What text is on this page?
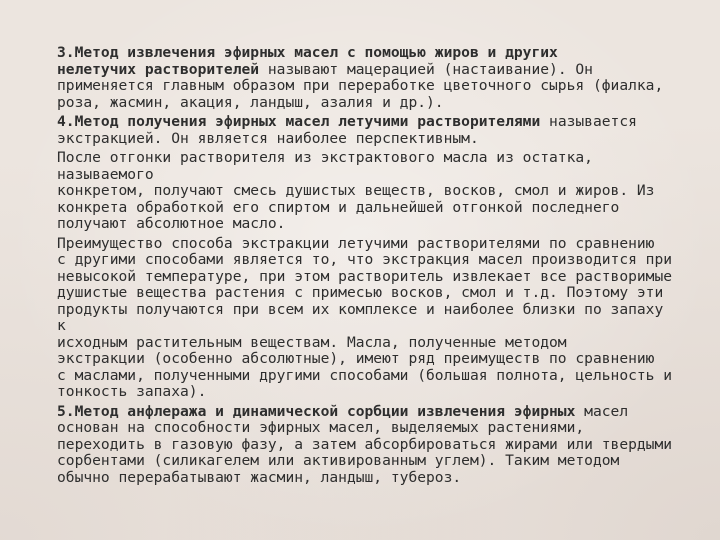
3.Метод извлечения эфирных масел с помощью жиров и других
нелетучих растворителей называют мацерацией (настаивание). Он
применяется главным образом при переработке цветочного сырья (фиалка,
роза, жасмин, акация, ландыш, азалия и др.).

4.Метод получения эфирных масел летучими растворителями называется
экстракцией. Он является наиболее перспективным.

После отгонки растворителя из экстрактового масла из остатка, называемого
конкретом, получают смесь душистых веществ, восков, смол и жиров. Из
конкрета обработкой его спиртом и дальнейшей отгонкой последнего
получают абсолютное масло.

Преимущество способа экстракции летучими растворителями по сравнению
с другими способами является то, что экстракция масел производится при
невысокой температуре, при этом растворитель извлекает все растворимые
душистые вещества растения с примесью восков, смол и т.д. Поэтому эти
продукты получаются при всем их комплексе и наиболее близки по запаху к
исходным растительным веществам. Масла, полученные методом
экстракции (особенно абсолютные), имеют ряд преимуществ по сравнению
с маслами, полученными другими способами (большая полнота, цельность и
тонкость запаха).

5.Метод анфлеража и динамической сорбции извлечения эфирных масел
основан на способности эфирных масел, выделяемых растениями,
переходить в газовую фазу, а затем абсорбироваться жирами или твердыми
сорбентами (силикагелем или активированным углем). Таким методом
обычно перерабатывают жасмин, ландыш, тубероз.
